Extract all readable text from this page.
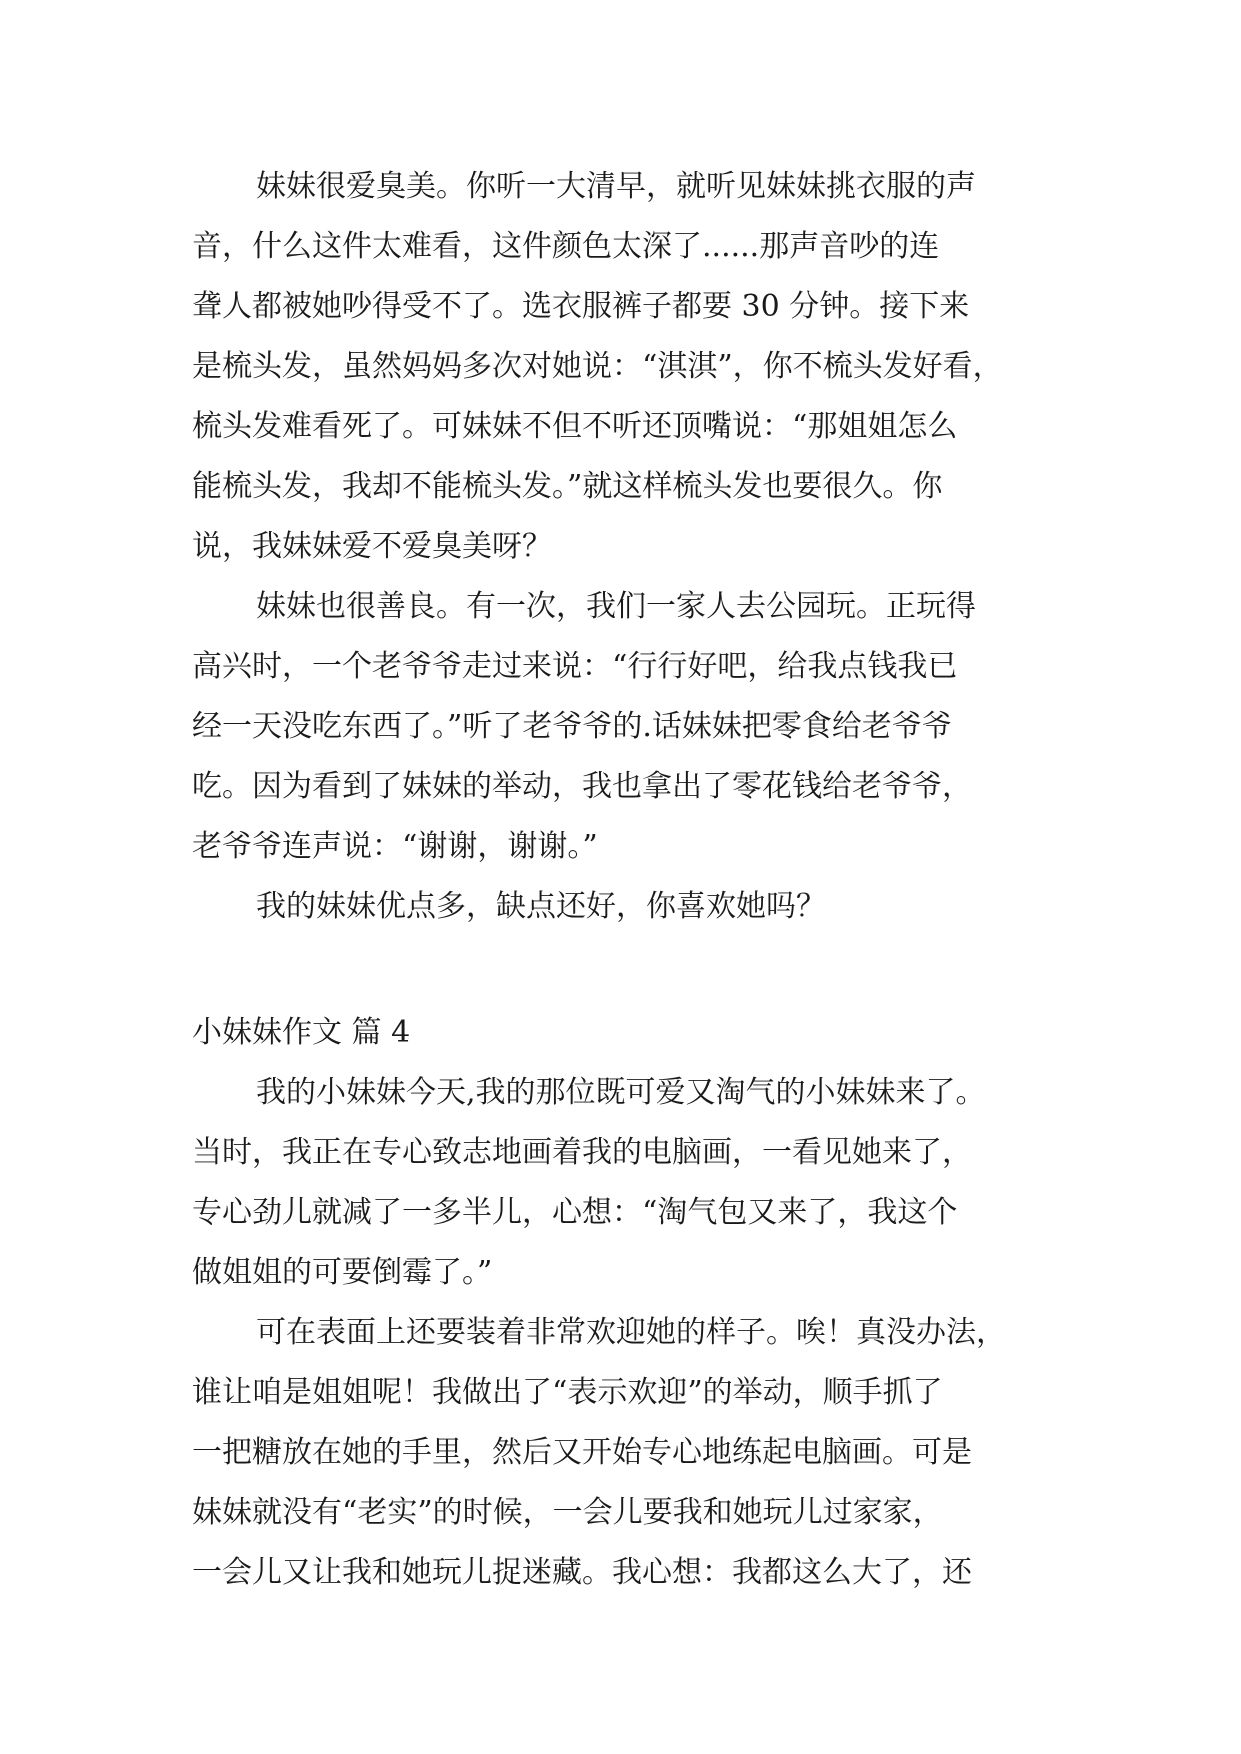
妹妹很爱臭美。你听一大清早，就听见妹妹挑衣服的声
音，什么这件太难看，这件颜色太深了......那声音吵的连
聋人都被她吵得受不了。选衣服裤子都要 30 分钟。接下来
是梳头发，虽然妈妈多次对她说：“淇淇”，你不梳头发好看，
梳头发难看死了。可妹妹不但不听还顶嘴说：“那姐姐怎么
能梳头发，我却不能梳头发。”就这样梳头发也要很久。你
说，我妹妹爱不爱臭美呀？
妹妹也很善良。有一次，我们一家人去公园玩。正玩得
高兴时，一个老爷爷走过来说：“行行好吧，给我点钱我已
经一天没吃东西了。”听了老爷爷的.话妹妹把零食给老爷爷
吃。因为看到了妹妹的举动，我也拿出了零花钱给老爷爷，
老爷爷连声说：“谢谢，谢谢。”
我的妹妹优点多，缺点还好，你喜欢她吗？
小妹妹作文 篇 4
我的小妹妹今天,我的那位既可爱又淘气的小妹妹来了。
当时，我正在专心致志地画着我的电脑画，一看见她来了，
专心劲儿就减了一多半儿，心想：“淘气包又来了，我这个
做姐姐的可要倒霉了。”
可在表面上还要装着非常欢迎她的样子。唉！真没办法，
谁让咱是姐姐呢！我做出了“表示欢迎”的举动，顺手抓了
一把糖放在她的手里，然后又开始专心地练起电脑画。可是
妹妹就没有“老实”的时候，一会儿要我和她玩儿过家家，
一会儿又让我和她玩儿捉迷藏。我心想：我都这么大了，还
